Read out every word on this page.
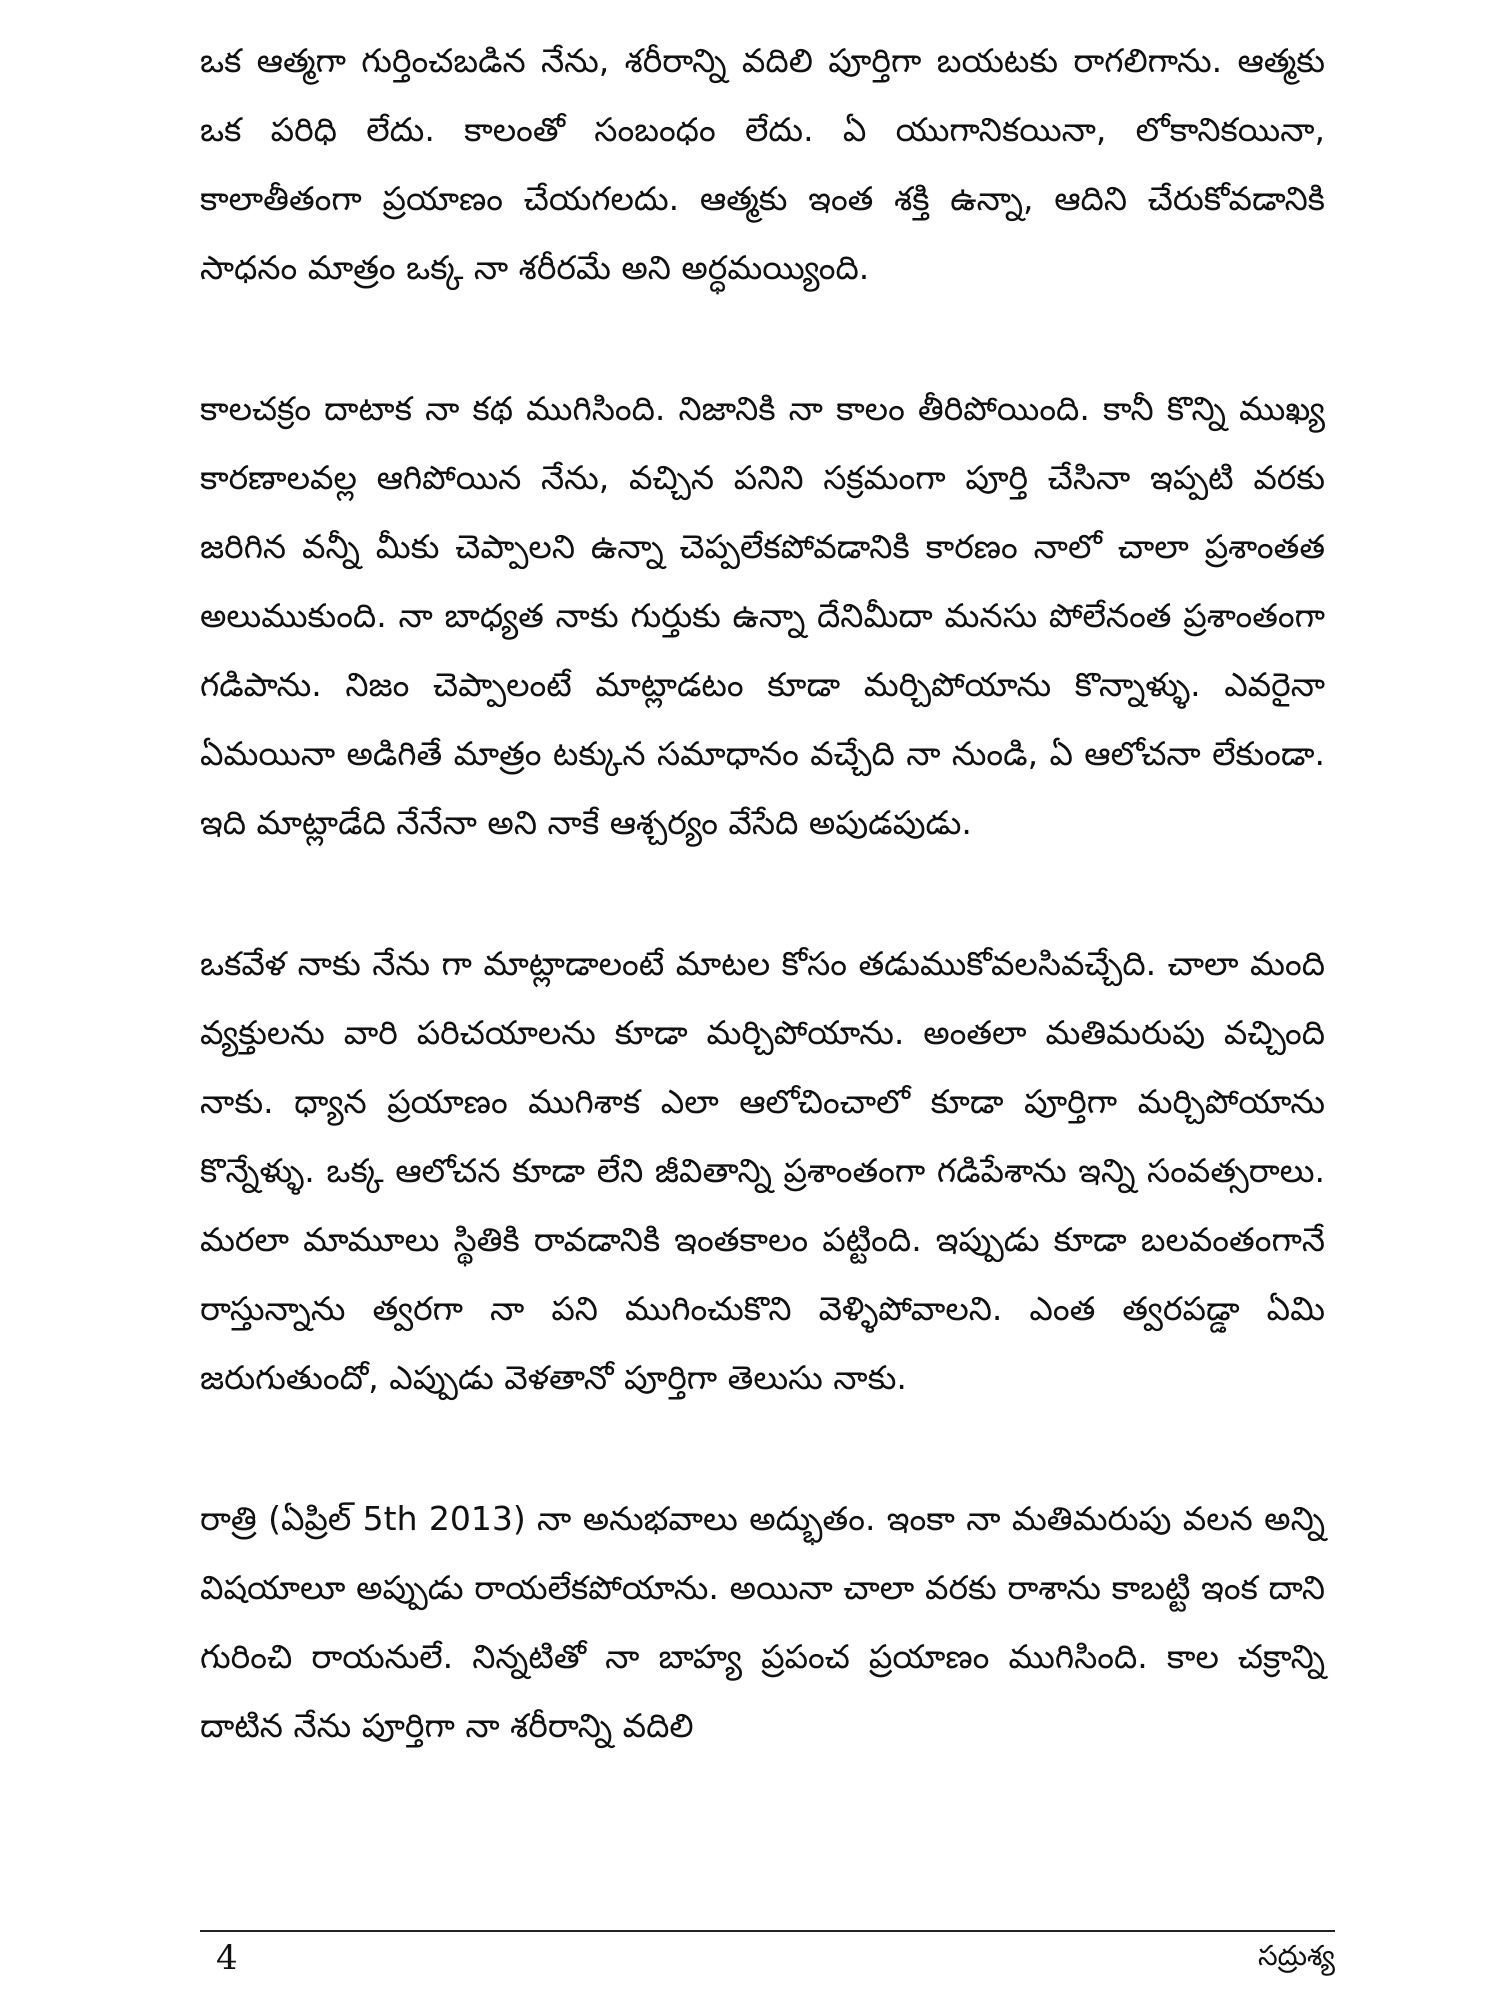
ఒక ఆత్మగా గుర్తించబడిన నేను, శరీరాన్ని వదిలి పూర్తిగా బయటకు రాగలిగాను. ఆత్మకు ఒక పరిధి లేదు. కాలంతో సంబంధం లేదు. ఏ యుగానికయినా, లోకానికయినా, కాలాతీతంగా ప్రయాణం చేయగలదు. ఆత్మకు ఇంత శక్తి ఉన్నా, ఆదిని చేరుకోవడానికి సాధనం మాత్రం ఒక్క నా శరీరమే అని అర్ధమయ్యింది.

కాలచక్రం దాటాక నా కథ ముగిసింది. నిజానికి నా కాలం తీరిపోయింది. కానీ కొన్ని ముఖ్య కారణాలవల్ల ఆగిపోయిన నేను, వచ్చిన పనిని సక్రమంగా పూర్తి చేసినా ఇప్పటి వరకు జరిగిన వన్నీ మీకు చెప్పాలని ఉన్నా చెప్పలేకపోవడానికి కారణం నాలో చాలా ప్రశాంతత అలుముకుంది. నా బాధ్యత నాకు గుర్తుకు ఉన్నా దేనిమీదా మనసు పోలేనంత ప్రశాంతంగా గడిపాను. నిజం చెప్పాలంటే మాట్లాడటం కూడా మర్చిపోయాను కొన్నాళ్ళు. ఎవరైనా ఏమయినా అడిగితే మాత్రం టక్కున సమాధానం వచ్చేది నా నుండి, ఏ ఆలోచనా లేకుండా. ఇది మాట్లాడేది నేనేనా అని నాకే ఆశ్చర్యం వేసేది అపుడపుడు.

ఒకవేళ నాకు నేను గా మాట్లాడాలంటే మాటల కోసం తడుముకోవలసివచ్చేది. చాలా మంది వ్యక్తులను వారి పరిచయాలను కూడా మర్చిపోయాను. అంతలా మతిమరుపు వచ్చింది నాకు. ధ్యాన ప్రయాణం ముగిశాక ఎలా ఆలోచించాలో కూడా పూర్తిగా మర్చిపోయాను కొన్నేళ్ళు. ఒక్క ఆలోచన కూడా లేని జీవితాన్ని ప్రశాంతంగా గడిపేశాను ఇన్ని సంవత్సరాలు. మరలా మామూలు స్థితికి రావడానికి ఇంతకాలం పట్టింది. ఇప్పుడు కూడా బలవంతంగానే రాస్తున్నాను త్వరగా నా పని ముగించుకొని వెళ్ళిపోవాలని. ఎంత త్వరపడ్డా ఏమి జరుగుతుందో, ఎప్పుడు వెళతానో పూర్తిగా తెలుసు నాకు.

రాత్రి (ఏప్రిల్ 5th 2013) నా అనుభవాలు అద్భుతం. ఇంకా నా మతిమరుపు వలన అన్ని విషయాలూ అప్పుడు రాయలేకపోయాను. అయినా చాలా వరకు రాశాను కాబట్టి ఇంక దాని గురించి రాయనులే. నిన్నటితో నా బాహ్య ప్రపంచ ప్రయాణం ముగిసింది. కాల చక్రాన్ని దాటిన నేను పూర్తిగా నా శరీరాన్ని వదిలి

4	సద్రుశ్య
